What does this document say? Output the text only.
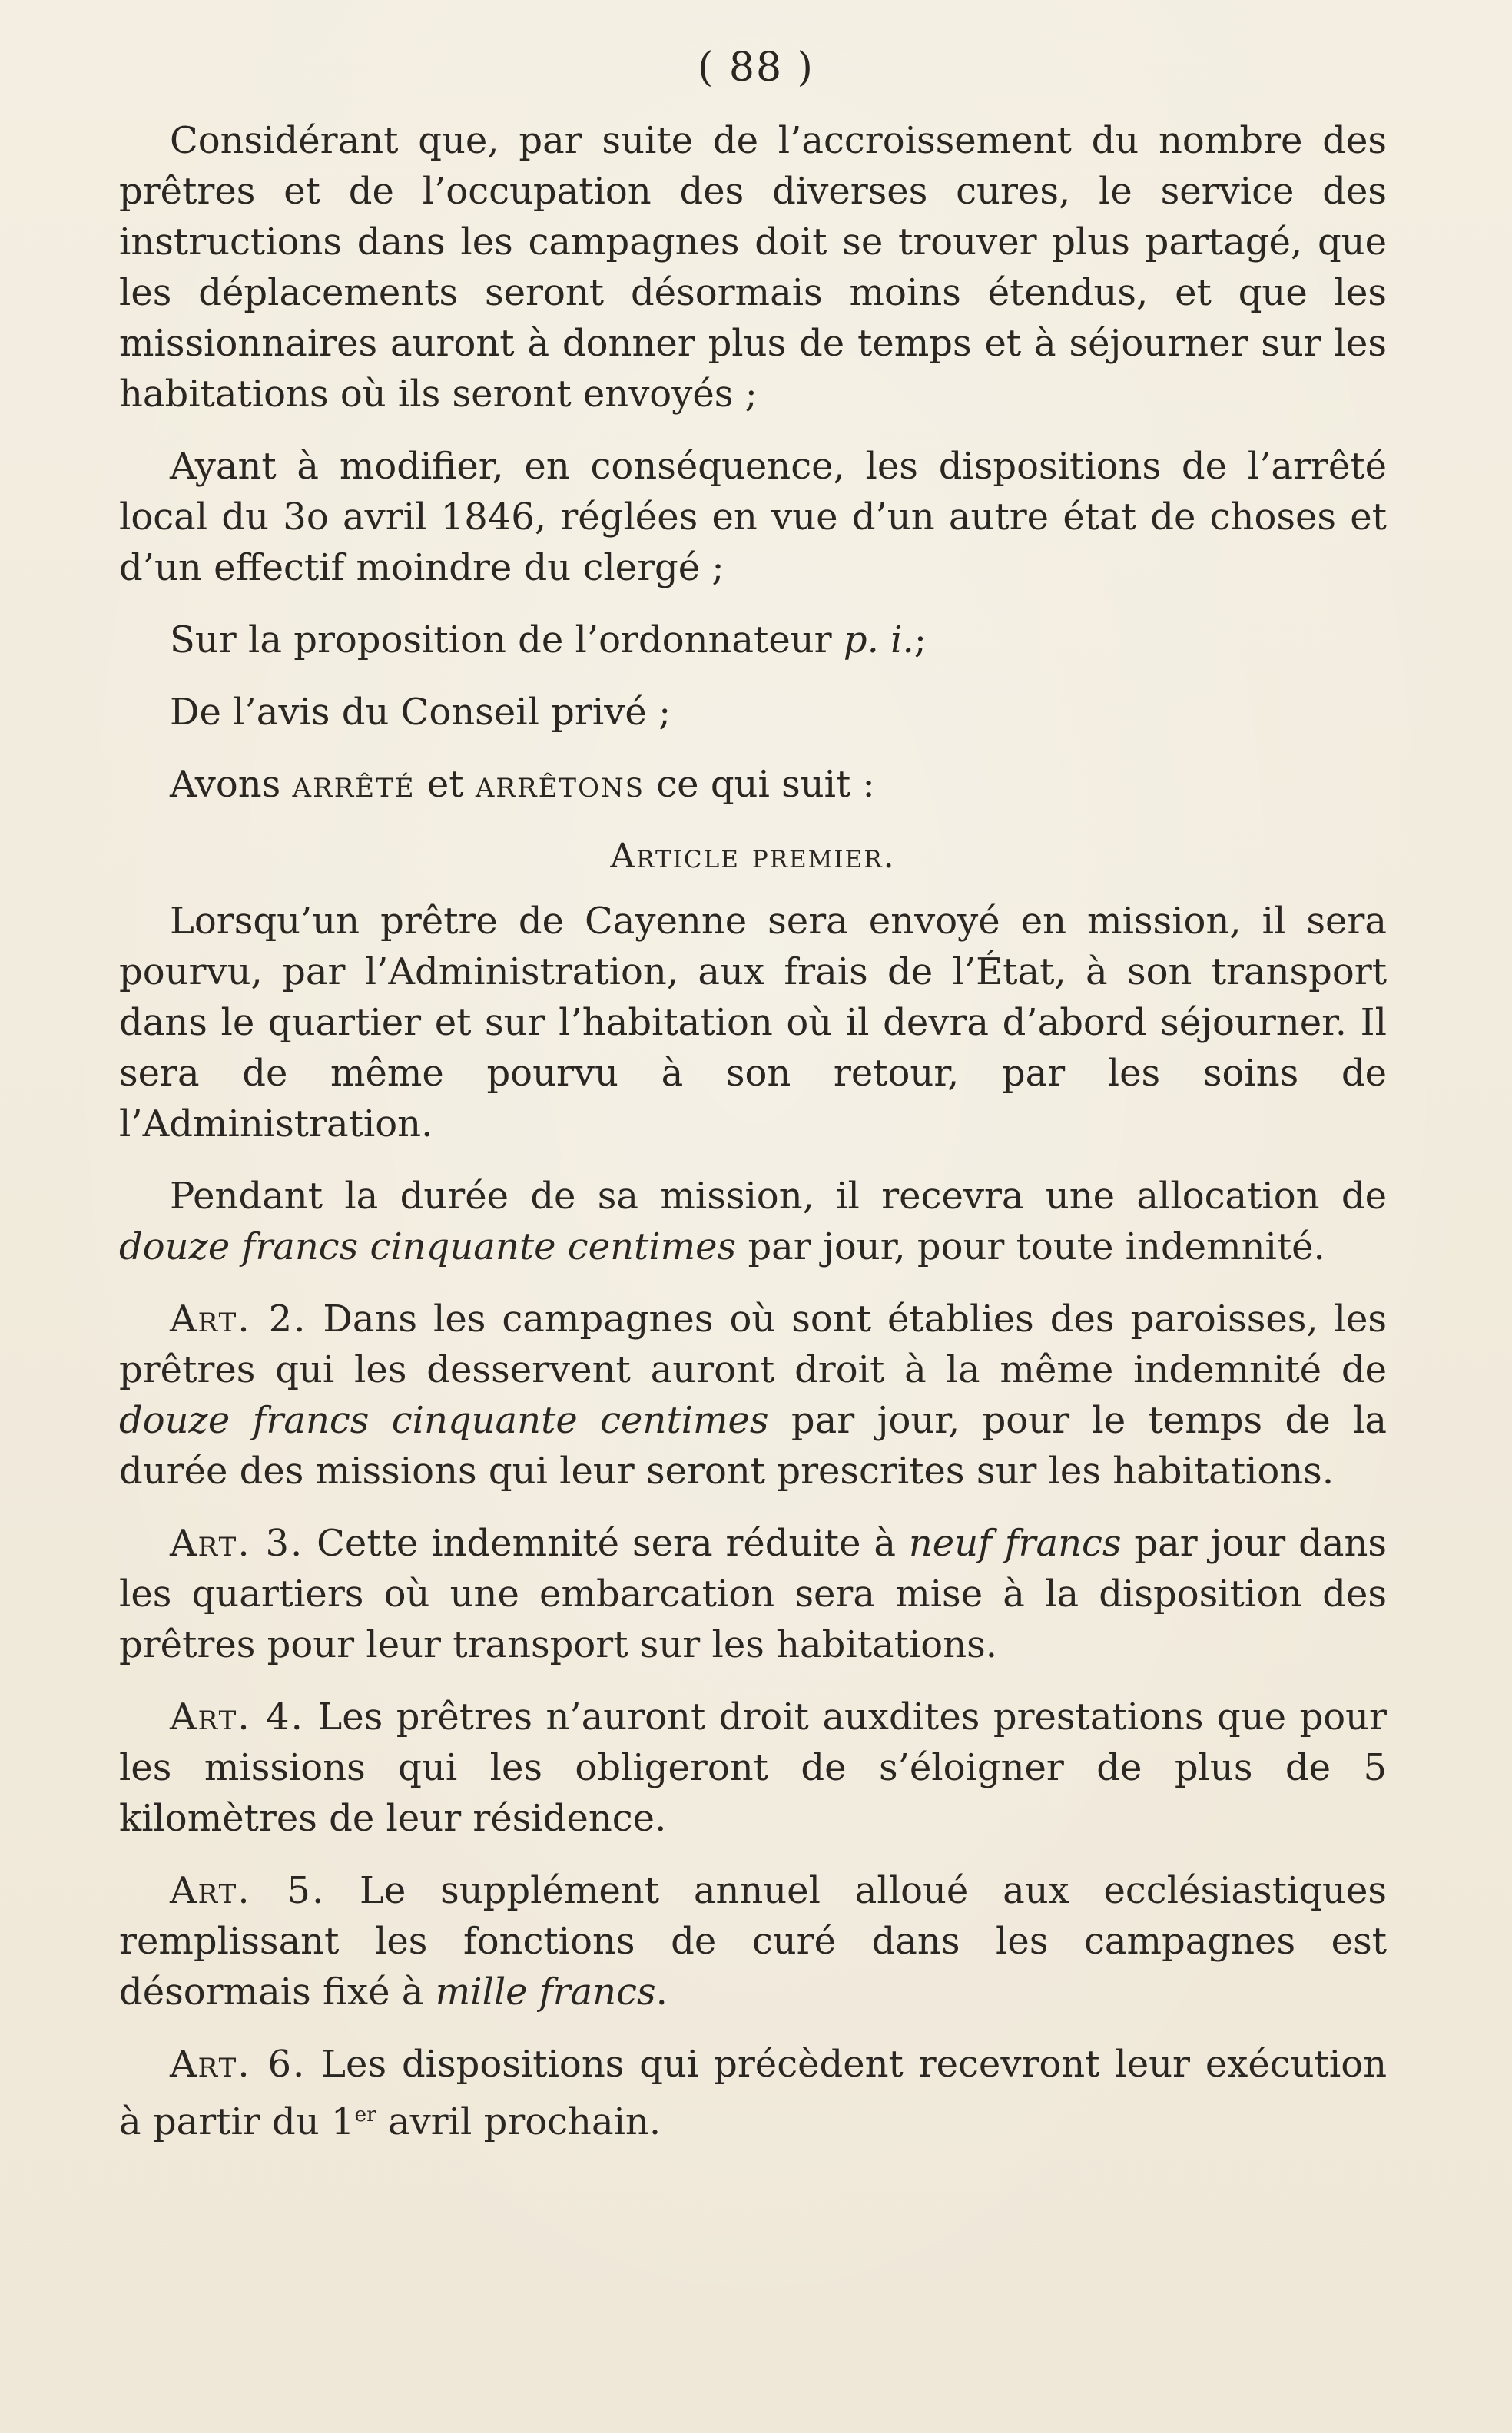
( 88 )

Considérant que, par suite de l’accroissement du nombre des prêtres et de l’occupation des diverses cures, le service des instructions dans les campagnes doit se trouver plus partagé, que les déplacements seront désormais moins étendus, et que les missionnaires auront à donner plus de temps et à séjourner sur les habitations où ils seront envoyés ;

Ayant à modifier, en conséquence, les dispositions de l’arrêté local du 3o avril 1846, réglées en vue d’un autre état de choses et d’un effectif moindre du clergé ;

Sur la proposition de l’ordonnateur p. i.;

De l’avis du Conseil privé ;

Avons arrêté et arrêtons ce qui suit :

Article premier.

Lorsqu’un prêtre de Cayenne sera envoyé en mission, il sera pourvu, par l’Administration, aux frais de l’État, à son transport dans le quartier et sur l’habitation où il devra d’abord séjourner. Il sera de même pourvu à son retour, par les soins de l’Administration.

Pendant la durée de sa mission, il recevra une allocation de douze francs cinquante centimes par jour, pour toute indemnité.

Art. 2. Dans les campagnes où sont établies des paroisses, les prêtres qui les desservent auront droit à la même indemnité de douze francs cinquante centimes par jour, pour le temps de la durée des missions qui leur seront prescrites sur les habitations.

Art. 3. Cette indemnité sera réduite à neuf francs par jour dans les quartiers où une embarcation sera mise à la disposition des prêtres pour leur transport sur les habitations.

Art. 4. Les prêtres n’auront droit auxdites prestations que pour les missions qui les obligeront de s’éloigner de plus de 5 kilomètres de leur résidence.

Art. 5. Le supplément annuel alloué aux ecclésiastiques remplissant les fonctions de curé dans les campagnes est désormais fixé à mille francs.

Art. 6. Les dispositions qui précèdent recevront leur exécution à partir du 1er avril prochain.
